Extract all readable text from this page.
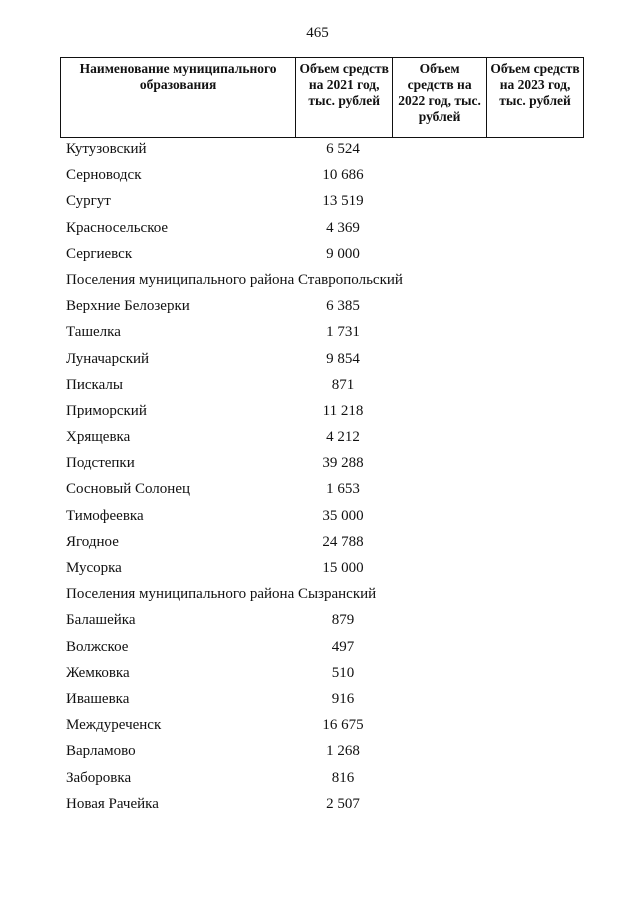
465
Наименование муниципального образования	Объем средств на 2021 год, тыс. рублей	Объем средств на 2022 год, тыс. рублей	Объем средств на 2023 год, тыс. рублей
Кутузовский	6 524
Серноводск	10 686
Сургут	13 519
Красносельское	4 369
Сергиевск	9 000
Поселения муниципального района Ставропольский
Верхние Белозерки	6 385
Ташелка	1 731
Луначарский	9 854
Пискалы	871
Приморский	11 218
Хрящевка	4 212
Подстепки	39 288
Сосновый Солонец	1 653
Тимофеевка	35 000
Ягодное	24 788
Мусорка	15 000
Поселения муниципального района Сызранский
Балашейка	879
Волжское	497
Жемковка	510
Ивашевка	916
Междуреченск	16 675
Варламово	1 268
Заборовка	816
Новая Рачейка	2 507
